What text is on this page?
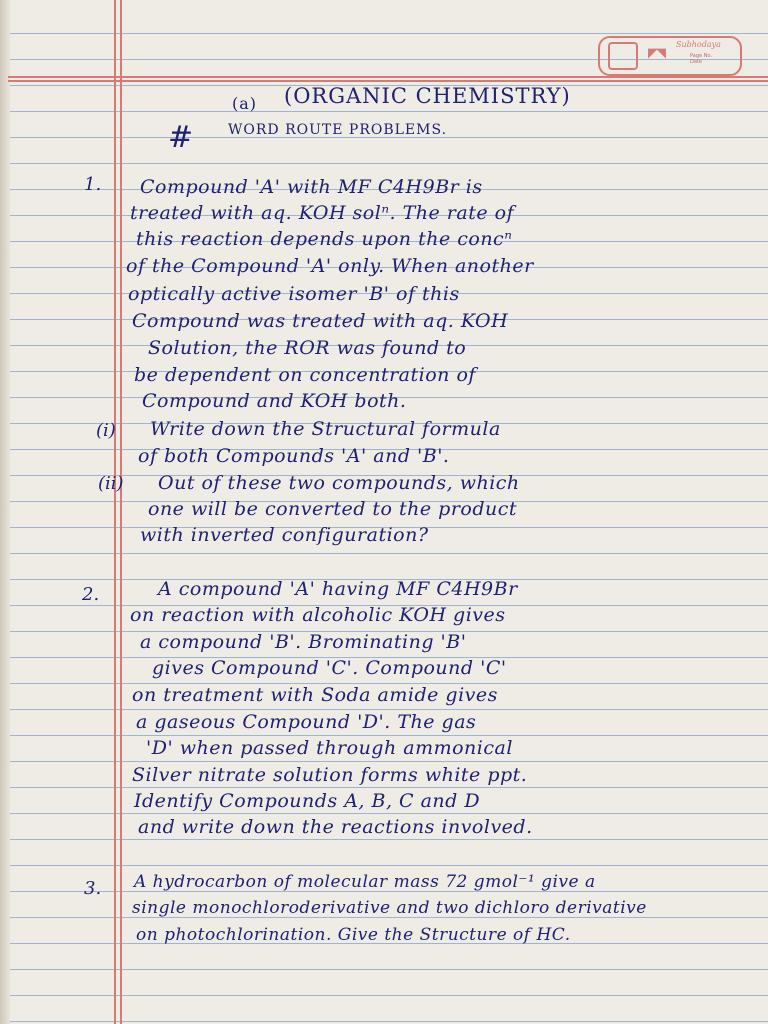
◤◥
Subhodaya
Page No.
Date
(a) (ORGANIC CHEMISTRY)
# WORD ROUTE PROBLEMS.
1. Compound 'A' with MF C4H9Br is
treated with aq. KOH solⁿ. The rate of
this reaction depends upon the concⁿ
of the Compound 'A' only. When another
optically active isomer 'B' of this
Compound was treated with aq. KOH
Solution, the ROR was found to
be dependent on concentration of
Compound and KOH both.
(i) Write down the Structural formula
of both Compounds 'A' and 'B'.
(ii) Out of these two compounds, which
one will be converted to the product
with inverted configuration?
2.	A compound 'A' having MF C4H9Br
on reaction with alcoholic KOH gives
a compound 'B'. Brominating 'B'
gives Compound 'C'. Compound 'C'
on treatment with Soda amide gives
a gaseous Compound 'D'. The gas
'D' when passed through ammonical
Silver nitrate solution forms white ppt.
Identify Compounds A, B, C and D
and write down the reactions involved.
3. A hydrocarbon of molecular mass 72 gmol⁻¹ give a
single monochloroderivative and two dichloro derivative
on photochlorination. Give the Structure of HC.
